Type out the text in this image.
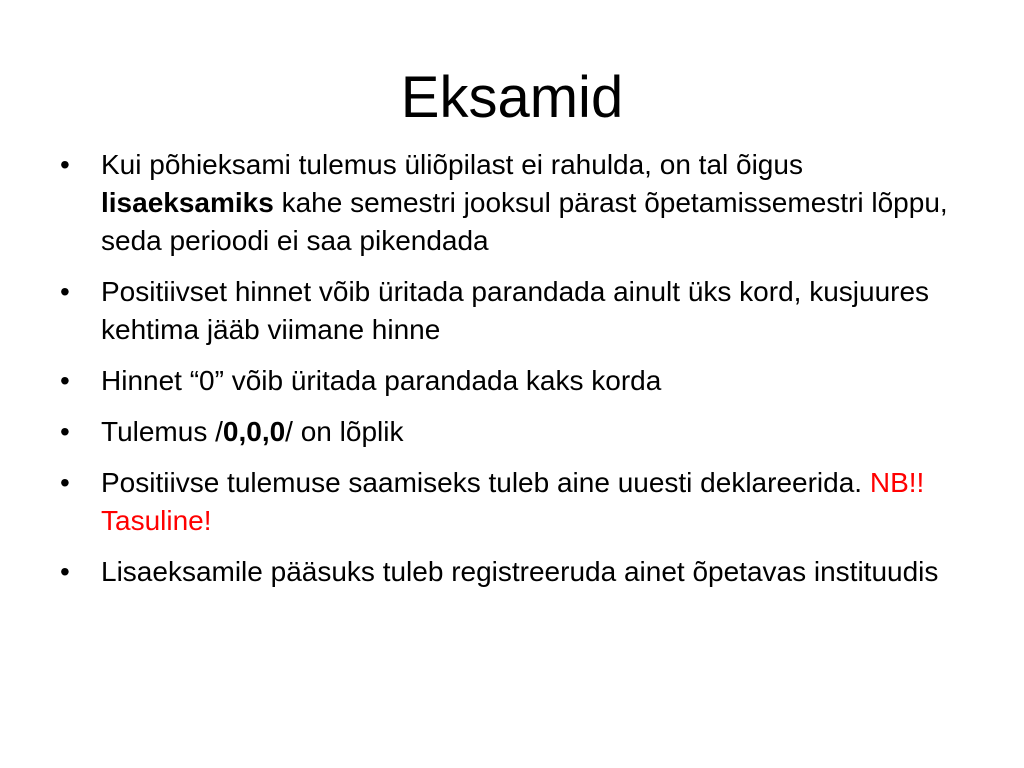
Eksamid
• Kui põhieksami tulemus üliõpilast ei rahulda, on tal õigus lisaeksamiks kahe semestri jooksul pärast õpetamissemestri lõppu, seda perioodi ei saa pikendada
• Positiivset hinnet võib üritada parandada ainult üks kord, kusjuures kehtima jääb viimane hinne
• Hinnet “0” võib üritada parandada kaks korda
• Tulemus /0,0,0/ on lõplik
• Positiivse tulemuse saamiseks tuleb aine uuesti deklareerida. NB!! Tasuline!
• Lisaeksamile pääsuks tuleb registreeruda ainet õpetavas instituudis
